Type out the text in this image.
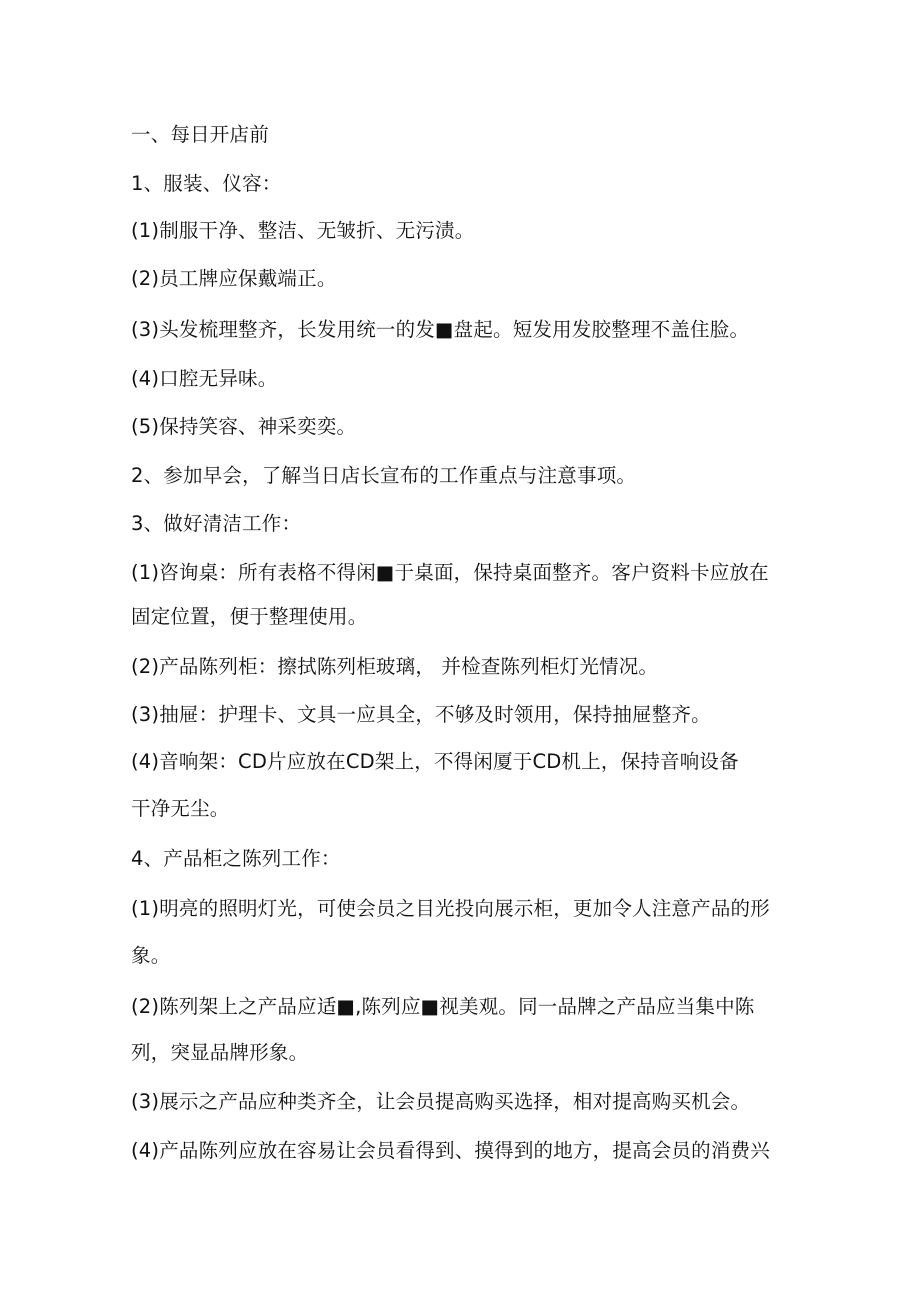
一、每日开店前
1、服装、仪容：
(1)制服干净、整洁、无皱折、无污渍。
(2)员工牌应保戴端正。
(3)头发梳理整齐，长发用统一的发■盘起。短发用发胶整理不盖住脸。
(4)口腔无异味。
(5)保持笑容、神采奕奕。
2、参加早会，了解当日店长宣布的工作重点与注意事项。
3、做好清洁工作：
(1)咨询桌：所有表格不得闲■于桌面，保持桌面整齐。客户资料卡应放在
固定位置，便于整理使用。
(2)产品陈列柜：擦拭陈列柜玻璃， 并检查陈列柜灯光情况。
(3)抽屉：护理卡、文具一应具全，不够及时领用，保持抽屉整齐。
(4)音响架：CD片应放在CD架上，不得闲厦于CD机上，保持音响设备
干净无尘。
4、产品柜之陈列工作：
(1)明亮的照明灯光，可使会员之目光投向展示柜，更加令人注意产品的形
象。
(2)陈列架上之产品应适■,陈列应■视美观。同一品牌之产品应当集中陈
列，突显品牌形象。
(3)展示之产品应种类齐全，让会员提高购买选择，相对提高购买机会。
(4)产品陈列应放在容易让会员看得到、摸得到的地方，提高会员的消费兴
